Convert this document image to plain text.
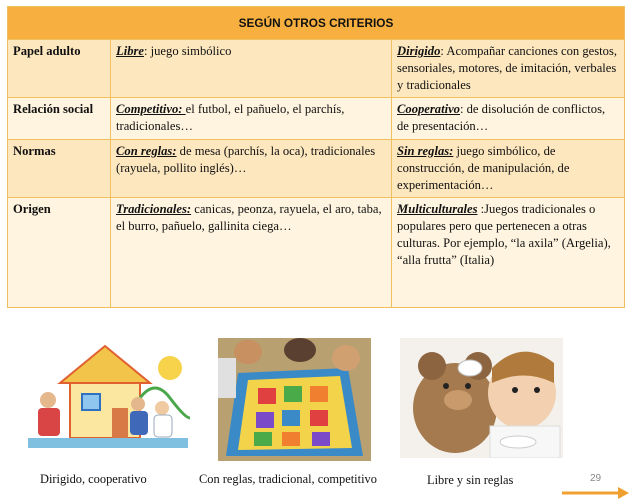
SEGÚN OTROS CRITERIOS		
Papel adulto	Libre: juego simbólico	Dirigido: Acompañar canciones con gestos, sensoriales, motores, de imitación, verbales y tradicionales
Relación social	Competitivo: el futbol, el pañuelo, el parchís, tradicionales…	Cooperativo: de disolución de conflictos, de presentación…
Normas	Con reglas: de mesa (parchís, la oca), tradicionales (rayuela, pollito inglés)…	Sin reglas: juego simbólico, de construcción, de manipulación, de experimentación…
Origen	Tradicionales: canicas, peonza, rayuela, el aro, taba, el burro, pañuelo, gallinita ciega…	Multiculturales :Juegos tradicionales o populares pero que pertenecen a otras culturas. Por ejemplo, “la axila” (Argelia), “alla frutta” (Italia)
Dirigido, cooperativo	Con reglas, tradicional, competitivo	Libre y sin reglas	29
